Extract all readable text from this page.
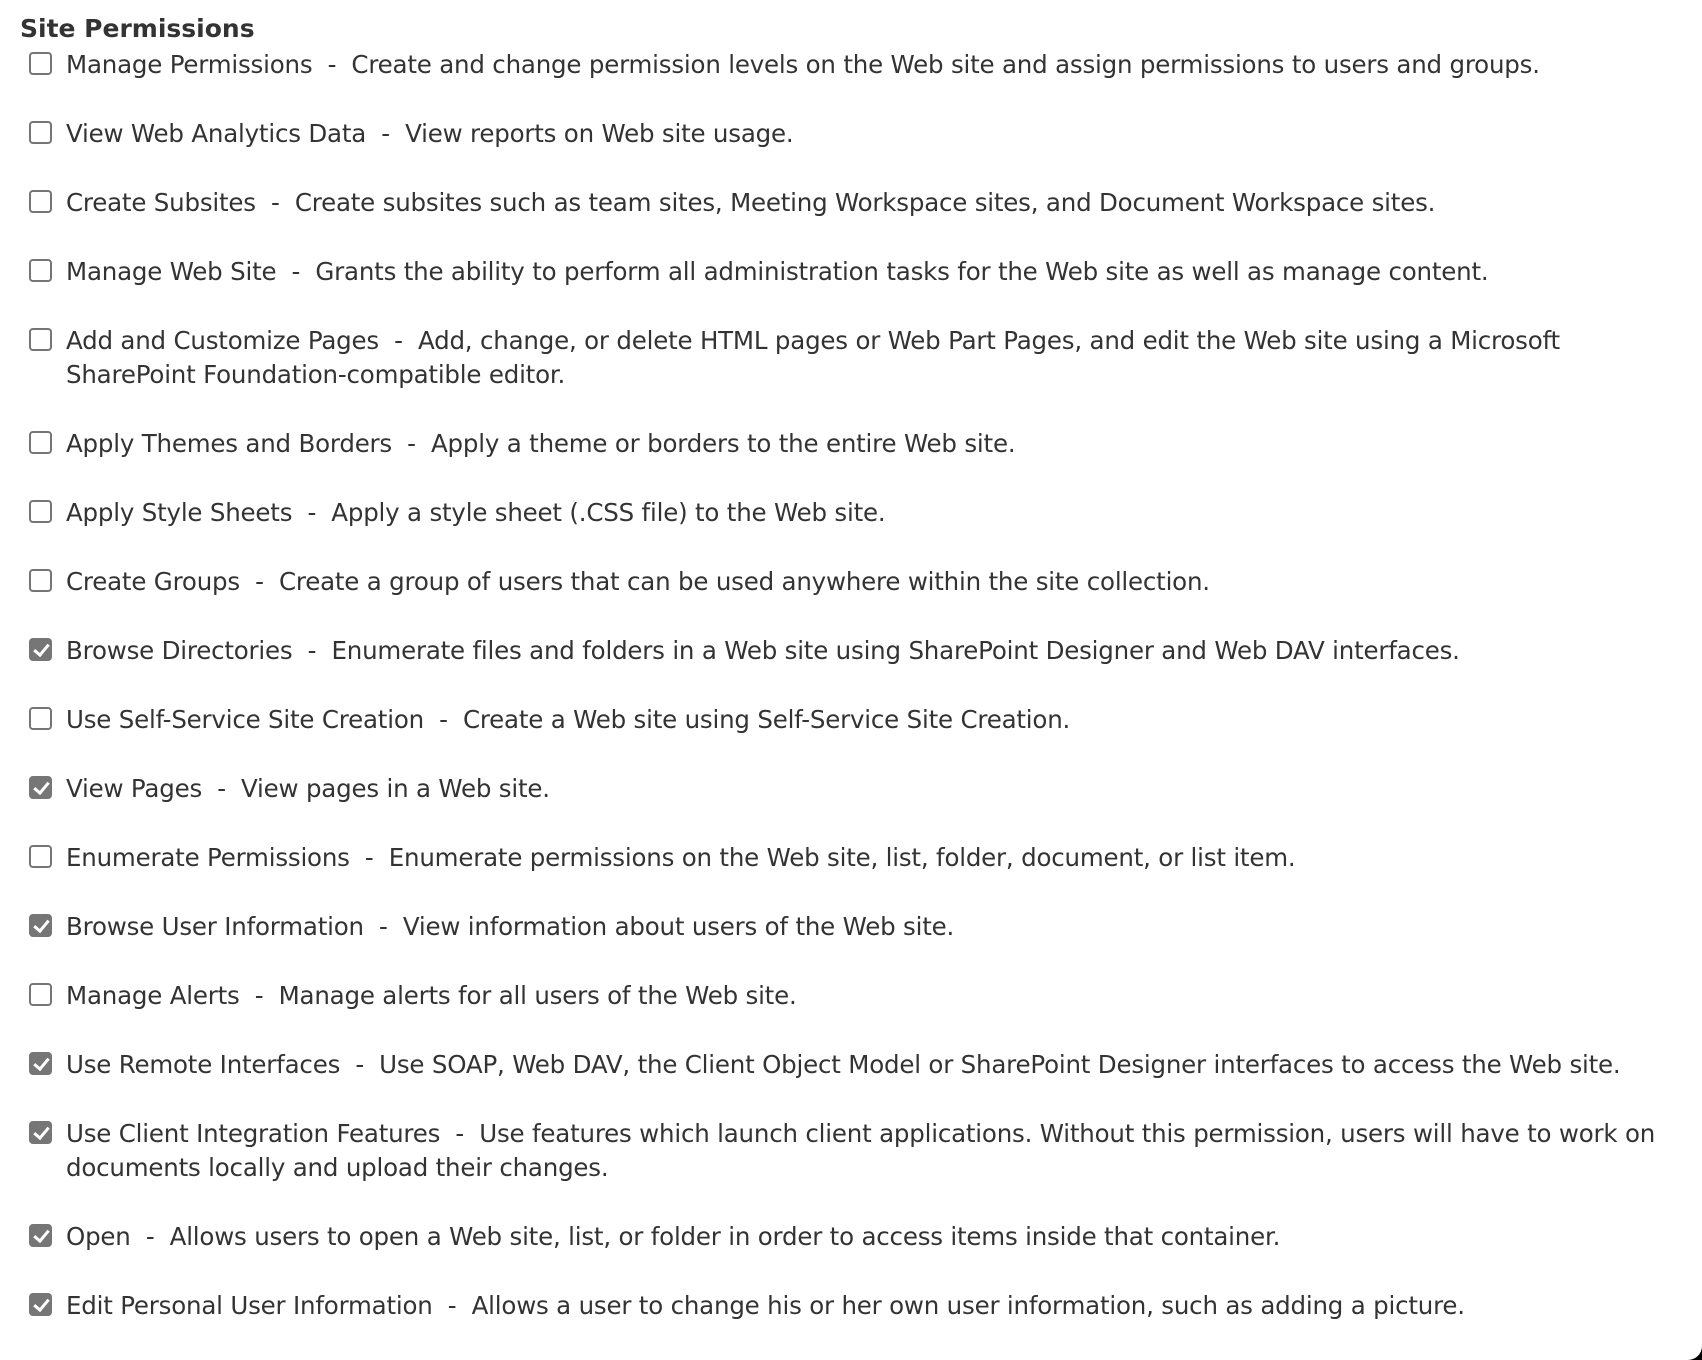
Site Permissions
Manage Permissions  -  Create and change permission levels on the Web site and assign permissions to users and groups.
View Web Analytics Data  -  View reports on Web site usage.
Create Subsites  -  Create subsites such as team sites, Meeting Workspace sites, and Document Workspace sites.
Manage Web Site  -  Grants the ability to perform all administration tasks for the Web site as well as manage content.
Add and Customize Pages  -  Add, change, or delete HTML pages or Web Part Pages, and edit the Web site using a Microsoft SharePoint Foundation-compatible editor.
Apply Themes and Borders  -  Apply a theme or borders to the entire Web site.
Apply Style Sheets  -  Apply a style sheet (.CSS file) to the Web site.
Create Groups  -  Create a group of users that can be used anywhere within the site collection.
Browse Directories  -  Enumerate files and folders in a Web site using SharePoint Designer and Web DAV interfaces.
Use Self-Service Site Creation  -  Create a Web site using Self-Service Site Creation.
View Pages  -  View pages in a Web site.
Enumerate Permissions  -  Enumerate permissions on the Web site, list, folder, document, or list item.
Browse User Information  -  View information about users of the Web site.
Manage Alerts  -  Manage alerts for all users of the Web site.
Use Remote Interfaces  -  Use SOAP, Web DAV, the Client Object Model or SharePoint Designer interfaces to access the Web site.
Use Client Integration Features  -  Use features which launch client applications. Without this permission, users will have to work on documents locally and upload their changes.
Open  -  Allows users to open a Web site, list, or folder in order to access items inside that container.
Edit Personal User Information  -  Allows a user to change his or her own user information, such as adding a picture.
